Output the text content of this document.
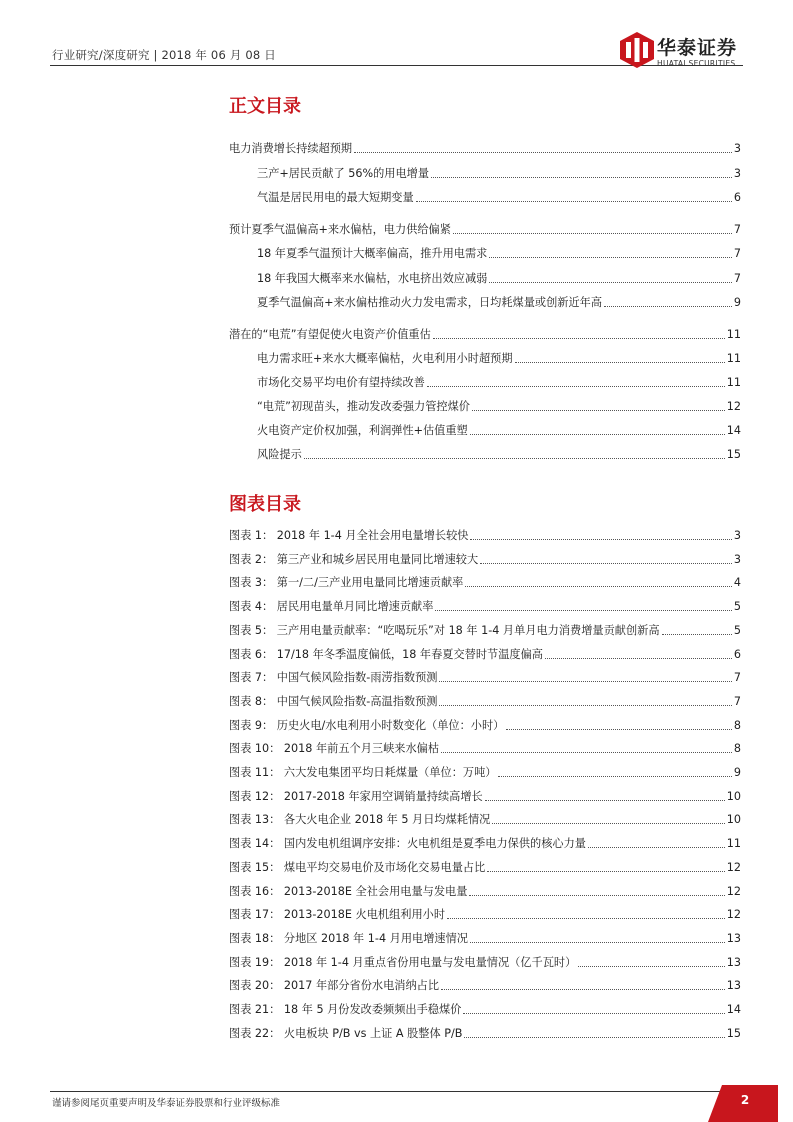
行业研究/深度研究 | 2018 年 06 月 08 日	华泰证券
HUATAI SECURITIES
正文目录
电力消费增长持续超预期	3
三产+居民贡献了 56%的用电增量	3
气温是居民用电的最大短期变量	6
预计夏季气温偏高+来水偏枯，电力供给偏紧	7
18 年夏季气温预计大概率偏高，推升用电需求	7
18 年我国大概率来水偏枯，水电挤出效应减弱	7
夏季气温偏高+来水偏枯推动火力发电需求，日均耗煤量或创新近年高	9
潜在的“电荒”有望促使火电资产价值重估	11
电力需求旺+来水大概率偏枯，火电利用小时超预期	11
市场化交易平均电价有望持续改善	11
“电荒”初现苗头，推动发改委强力管控煤价	12
火电资产定价权加强，利润弹性+估值重塑	14
风险提示	15
图表目录
图表 1： 2018 年 1-4 月全社会用电量增长较快	3
图表 2： 第三产业和城乡居民用电量同比增速较大	3
图表 3： 第一/二/三产业用电量同比增速贡献率	4
图表 4： 居民用电量单月同比增速贡献率	5
图表 5： 三产用电量贡献率：“吃喝玩乐”对 18 年 1-4 月单月电力消费增量贡献创新高	5
图表 6： 17/18 年冬季温度偏低，18 年春夏交替时节温度偏高	6
图表 7： 中国气候风险指数-雨涝指数预测	7
图表 8： 中国气候风险指数-高温指数预测	7
图表 9： 历史火电/水电利用小时数变化（单位：小时）	8
图表 10： 2018 年前五个月三峡来水偏枯	8
图表 11： 六大发电集团平均日耗煤量（单位：万吨）	9
图表 12： 2017-2018 年家用空调销量持续高增长	10
图表 13： 各大火电企业 2018 年 5 月日均煤耗情况	10
图表 14： 国内发电机组调序安排：火电机组是夏季电力保供的核心力量	11
图表 15： 煤电平均交易电价及市场化交易电量占比	12
图表 16： 2013-2018E 全社会用电量与发电量	12
图表 17： 2013-2018E 火电机组利用小时	12
图表 18： 分地区 2018 年 1-4 月用电增速情况	13
图表 19： 2018 年 1-4 月重点省份用电量与发电量情况（亿千瓦时）	13
图表 20： 2017 年部分省份水电消纳占比	13
图表 21： 18 年 5 月份发改委频频出手稳煤价	14
图表 22： 火电板块 P/B vs 上证 A 股整体 P/B	15
谨请参阅尾页重要声明及华泰证券股票和行业评级标准	2
